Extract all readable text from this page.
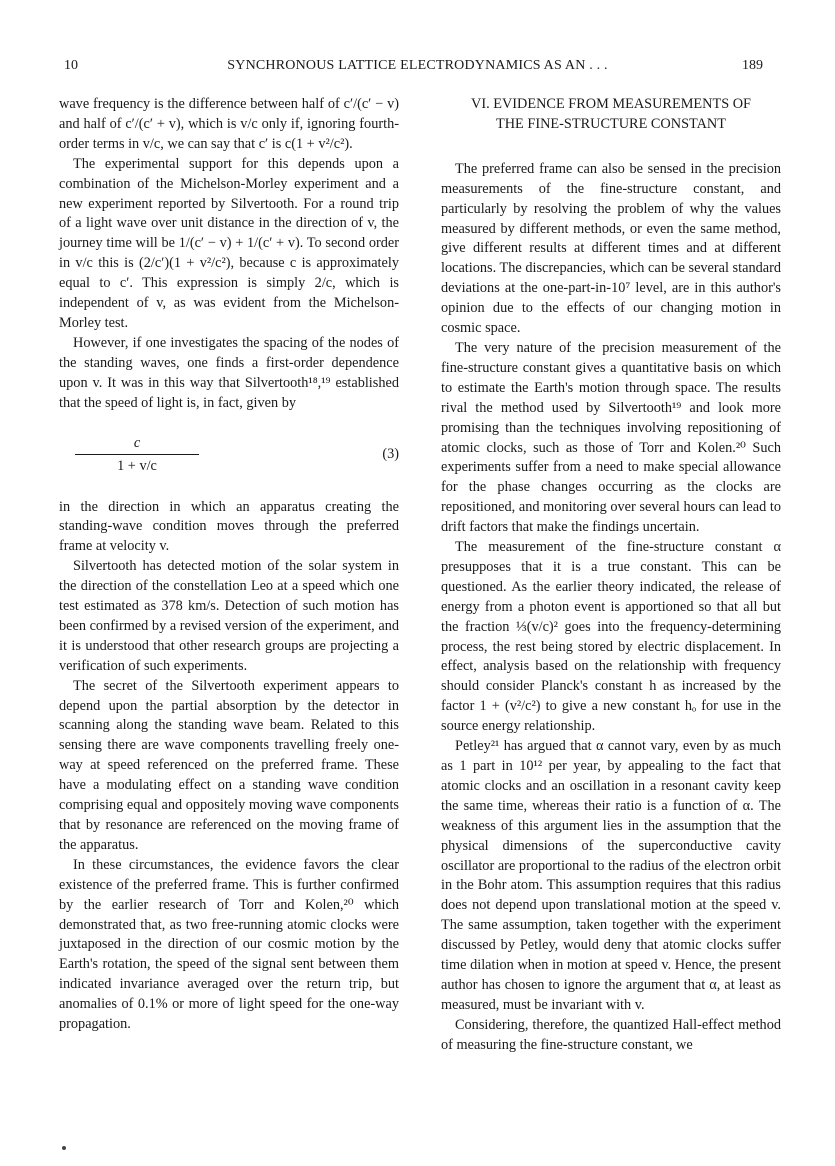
10	SYNCHRONOUS LATTICE ELECTRODYNAMICS AS AN . . .	189

wave frequency is the difference between half of c′/(c′ − v) and half of c′/(c′ + v), which is v/c only if, ignoring fourth-order terms in v/c, we can say that c′ is c(1 + v²/c²).

The experimental support for this depends upon a combination of the Michelson-Morley experiment and a new experiment reported by Silvertooth. For a round trip of a light wave over unit distance in the direction of v, the journey time will be 1/(c′ − v) + 1/(c′ + v). To second order in v/c this is (2/c′)(1 + v²/c²), because c is approximately equal to c′. This expression is simply 2/c, which is independent of v, as was evident from the Michelson-Morley test.

However, if one investigates the spacing of the nodes of the standing waves, one finds a first-order dependence upon v. It was in this way that Silvertooth¹⁸,¹⁹ established that the speed of light is, in fact, given by

c
1 + v/c
(3)

in the direction in which an apparatus creating the standing-wave condition moves through the preferred frame at velocity v.

Silvertooth has detected motion of the solar system in the direction of the constellation Leo at a speed which one test estimated as 378 km/s. Detection of such motion has been confirmed by a revised version of the experiment, and it is understood that other research groups are projecting a verification of such experiments.

The secret of the Silvertooth experiment appears to depend upon the partial absorption by the detector in scanning along the standing wave beam. Related to this sensing there are wave components travelling freely one-way at speed referenced on the preferred frame. These have a modulating effect on a standing wave condition comprising equal and oppositely moving wave components that by resonance are referenced on the moving frame of the apparatus.

In these circumstances, the evidence favors the clear existence of the preferred frame. This is further confirmed by the earlier research of Torr and Kolen,²⁰ which demonstrated that, as two free-running atomic clocks were juxtaposed in the direction of our cosmic motion by the Earth's rotation, the speed of the signal sent between them indicated invariance averaged over the return trip, but anomalies of 0.1% or more of light speed for the one-way propagation.

VI. EVIDENCE FROM MEASUREMENTS OF
THE FINE-STRUCTURE CONSTANT

The preferred frame can also be sensed in the precision measurements of the fine-structure constant, and particularly by resolving the problem of why the values measured by different methods, or even the same method, give different results at different times and at different locations. The discrepancies, which can be several standard deviations at the one-part-in-10⁷ level, are in this author's opinion due to the effects of our changing motion in cosmic space.

The very nature of the precision measurement of the fine-structure constant gives a quantitative basis on which to estimate the Earth's motion through space. The results rival the method used by Silvertooth¹⁹ and look more promising than the techniques involving repositioning of atomic clocks, such as those of Torr and Kolen.²⁰ Such experiments suffer from a need to make special allowance for the phase changes occurring as the clocks are repositioned, and monitoring over several hours can lead to drift factors that make the findings uncertain.

The measurement of the fine-structure constant α presupposes that it is a true constant. This can be questioned. As the earlier theory indicated, the release of energy from a photon event is apportioned so that all but the fraction ⅓(v/c)² goes into the frequency-determining process, the rest being stored by electric displacement. In effect, analysis based on the relationship with frequency should consider Planck's constant h as increased by the factor 1 + (v²/c²) to give a new constant hₒ for use in the source energy relationship.

Petley²¹ has argued that α cannot vary, even by as much as 1 part in 10¹² per year, by appealing to the fact that atomic clocks and an oscillation in a resonant cavity keep the same time, whereas their ratio is a function of α. The weakness of this argument lies in the assumption that the physical dimensions of the superconductive cavity oscillator are proportional to the radius of the electron orbit in the Bohr atom. This assumption requires that this radius does not depend upon translational motion at the speed v. The same assumption, taken together with the experiment discussed by Petley, would deny that atomic clocks suffer time dilation when in motion at speed v. Hence, the present author has chosen to ignore the argument that α, at least as measured, must be invariant with v.

Considering, therefore, the quantized Hall-effect method of measuring the fine-structure constant, we
